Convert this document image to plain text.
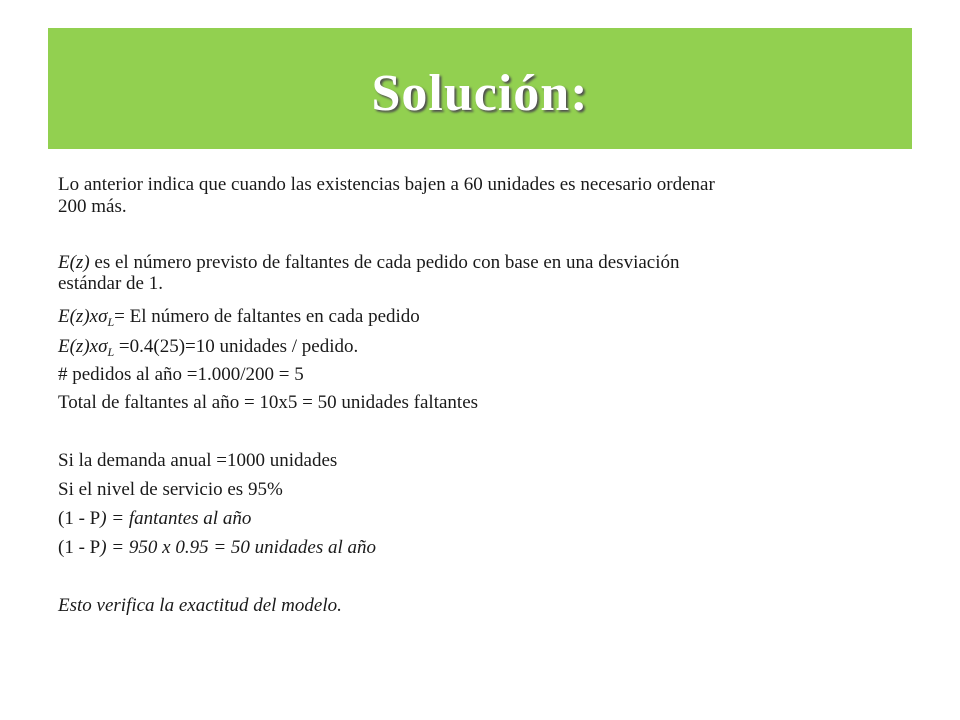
Solución:
Lo anterior indica que cuando las existencias bajen a 60 unidades es necesario ordenar
200 más.
E(z) es el número previsto de faltantes de cada pedido con base en una desviación
estándar de 1.
$E(z)x\sigma_L= El$ número de faltantes en cada pedido
$E(z)x\sigma_L =0.4(25)=10$ unidades / pedido.
# pedidos al año =1.000/200 = 5
Total de faltantes al año = 10x5 = 50 unidades faltantes
Si la demanda anual =1000 unidades
Si el nivel de servicio es 95%
(1 - P) = fantantes al año
(1 - P) = 950 x 0.95 = 50 unidades al año
Esto verifica la exactitud del modelo.
